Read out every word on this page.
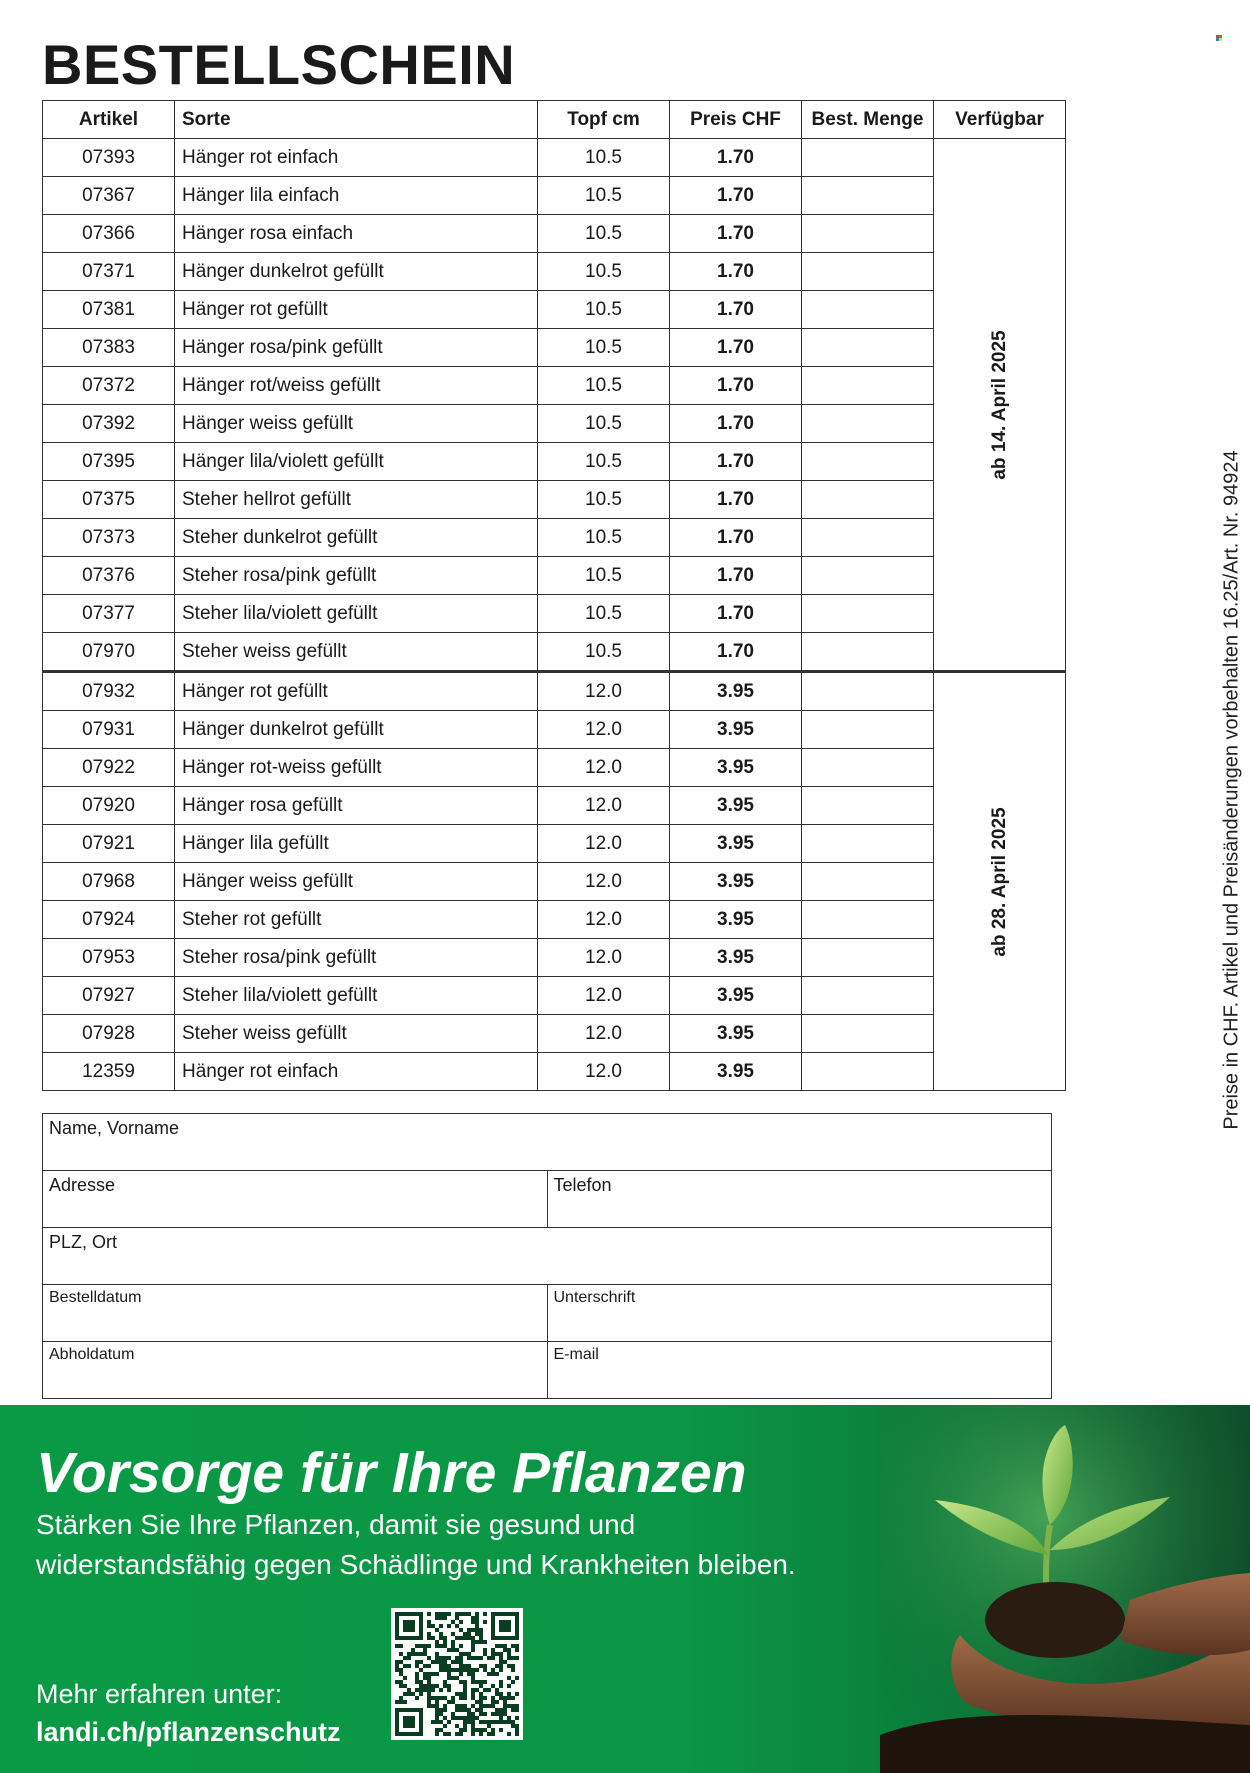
BESTELLSCHEIN
Artikel	Sorte	Topf cm	Preis CHF	Best. Menge	Verfügbar
07393	Hänger rot einfach	10.5	1.70		ab 14. April 2025

07367	Hänger lila einfach	10.5	1.70		
07366	Hänger rosa einfach	10.5	1.70		
07371	Hänger dunkelrot gefüllt	10.5	1.70		
07381	Hänger rot gefüllt	10.5	1.70		
07383	Hänger rosa/pink gefüllt	10.5	1.70		
07372	Hänger rot/weiss gefüllt	10.5	1.70		
07392	Hänger weiss gefüllt	10.5	1.70		
07395	Hänger lila/violett gefüllt	10.5	1.70		
07375	Steher hellrot gefüllt	10.5	1.70		
07373	Steher dunkelrot gefüllt	10.5	1.70		
07376	Steher rosa/pink gefüllt	10.5	1.70		
07377	Steher lila/violett gefüllt	10.5	1.70		
07970	Steher weiss gefüllt	10.5	1.70		
07932	Hänger rot gefüllt	12.0	3.95		ab 28. April 2025

07931	Hänger dunkelrot gefüllt	12.0	3.95		
07922	Hänger rot-weiss gefüllt	12.0	3.95		
07920	Hänger rosa gefüllt	12.0	3.95		
07921	Hänger lila gefüllt	12.0	3.95		
07968	Hänger weiss gefüllt	12.0	3.95		
07924	Steher rot gefüllt	12.0	3.95		
07953	Steher rosa/pink gefüllt	12.0	3.95		
07927	Steher lila/violett gefüllt	12.0	3.95		
07928	Steher weiss gefüllt	12.0	3.95		
12359	Hänger rot einfach	12.0	3.95		
Name, Vorname	
Adresse	Telefon
PLZ, Ort	
Bestelldatum	Unterschrift
Abholdatum	E-mail
Preise in CHF. Artikel und Preisänderungen vorbehalten 16.25/Art. Nr. 94924
Vorsorge für Ihre Pflanzen

Stärken Sie Ihre Pflanzen, damit sie gesund und widerstandsfähig gegen Schädlinge und Krankheiten bleiben.

Mehr erfahren unter:
landi.ch/pflanzenschutz
